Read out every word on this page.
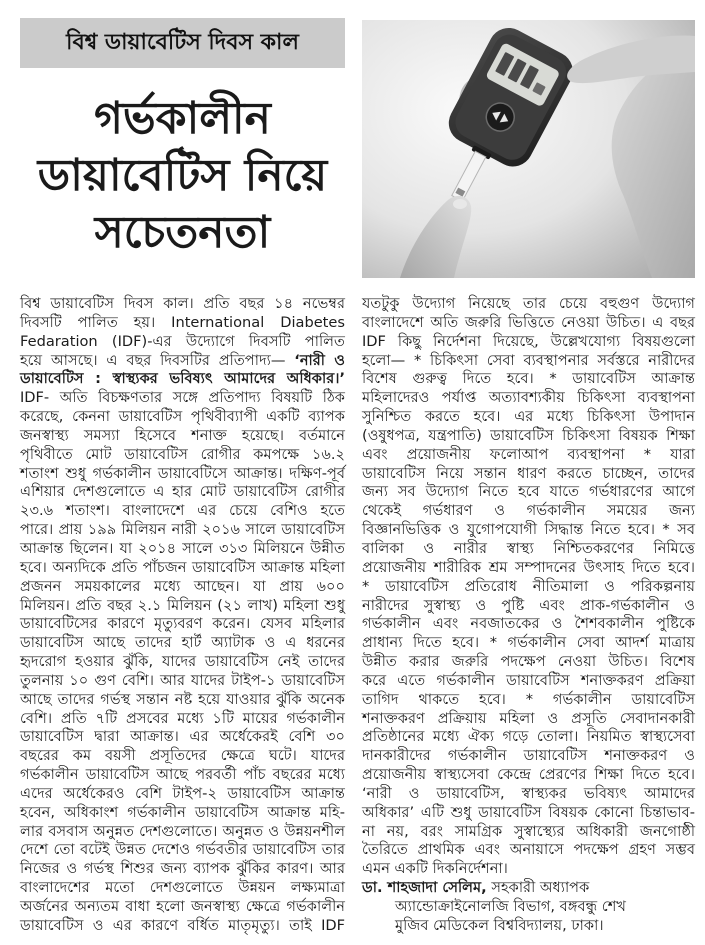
বিশ্ব ডায়াবেটিস দিবস কাল
গর্ভকালীন
ডায়াবেটিস নিয়ে
সচেতনতা
বিশ্ব ডায়াবেটিস দিবস কাল। প্রতি বছর ১৪ নভেম্বর
দিবসটি পালিত হয়। International Diabetes
Fedaration (IDF)-এর উদ্যোগে দিবসটি পালিত
হয়ে আসছে। এ বছর দিবসটির প্রতিপাদ্য— ‘নারী ও
ডায়াবেটিস : স্বাস্থ্যকর ভবিষ্যৎ আমাদের অধিকার।’
IDF- অতি বিচক্ষণতার সঙ্গে প্রতিপাদ্য বিষয়টি ঠিক
করেছে, কেননা ডায়াবেটিস পৃথিবীব্যাপী একটি ব্যাপক
জনস্বাস্থ্য সমস্যা হিসেবে শনাক্ত হয়েছে। বর্তমানে
পৃথিবীতে মোট ডায়াবেটিস রোগীর কমপক্ষে ১৬.২
শতাংশ শুধু গর্ভকালীন ডায়াবেটিসে আক্রান্ত। দক্ষিণ-পূর্ব
এশিয়ার দেশগুলোতে এ হার মোট ডায়াবেটিস রোগীর
২৩.৬ শতাংশ। বাংলাদেশে এর চেয়ে বেশিও হতে
পারে। প্রায় ১৯৯ মিলিয়ন নারী ২০১৬ সালে ডায়াবেটিস
আক্রান্ত ছিলেন। যা ২০১৪ সালে ৩১৩ মিলিয়নে উন্নীত
হবে। অন্যদিকে প্রতি পাঁচজন ডায়াবেটিস আক্রান্ত মহিলা
প্রজনন সময়কালের মধ্যে আছেন। যা প্রায় ৬০০
মিলিয়ন। প্রতি বছর ২.১ মিলিয়ন (২১ লাখ) মহিলা শুধু
ডায়াবেটিসের কারণে মৃত্যুবরণ করেন। যেসব মহিলার
ডায়াবেটিস আছে তাদের হার্ট অ্যাটাক ও এ ধরনের
হৃদরোগ হওয়ার ঝুঁকি, যাদের ডায়াবেটিস নেই তাদের
তুলনায় ১০ গুণ বেশি। আর যাদের টাইপ-১ ডায়াবেটিস
আছে তাদের গর্ভস্থ সন্তান নষ্ট হয়ে যাওয়ার ঝুঁকি অনেক
বেশি। প্রতি ৭টি প্রসবের মধ্যে ১টি মায়ের গর্ভকালীন
ডায়াবেটিস দ্বারা আক্রান্ত। এর অর্ধেকেরই বেশি ৩০
বছরের কম বয়সী প্রসূতিদের ক্ষেত্রে ঘটে। যাদের
গর্ভকালীন ডায়াবেটিস আছে পরবর্তী পাঁচ বছরের মধ্যে
এদের অর্ধেকেরও বেশি টাইপ-২ ডায়াবেটিস আক্রান্ত
হবেন, অধিকাংশ গর্ভকালীন ডায়াবেটিস আক্রান্ত মহি-
লার বসবাস অনুন্নত দেশগুলোতে। অনুন্নত ও উন্নয়নশীল
দেশে তো বটেই উন্নত দেশেও গর্ভবতীর ডায়াবেটিস তার
নিজের ও গর্ভস্থ শিশুর জন্য ব্যাপক ঝুঁকির কারণ। আর
বাংলাদেশের মতো দেশগুলোতে উন্নয়ন লক্ষ্যমাত্রা
অর্জনের অন্যতম বাধা হলো জনস্বাস্থ্য ক্ষেত্রে গর্ভকালীন
ডায়াবেটিস ও এর কারণে বর্ধিত মাতৃমৃত্যু। তাই IDF
যতটুকু উদ্যোগ নিয়েছে তার চেয়ে বহুগুণ উদ্যোগ
বাংলাদেশে অতি জরুরি ভিত্তিতে নেওয়া উচিত। এ বছর
IDF কিছু নির্দেশনা দিয়েছে, উল্লেখযোগ্য বিষয়গুলো
হলো— * চিকিৎসা সেবা ব্যবস্থাপনার সর্বস্তরে নারীদের
বিশেষ গুরুত্ব দিতে হবে। * ডায়াবেটিস আক্রান্ত
মহিলাদেরও পর্যাপ্ত অত্যাবশ্যকীয় চিকিৎসা ব্যবস্থাপনা
সুনিশ্চিত করতে হবে। এর মধ্যে চিকিৎসা উপাদান
(ওষুধপত্র, যন্ত্রপাতি) ডায়াবেটিস চিকিৎসা বিষয়ক শিক্ষা
এবং প্রয়োজনীয় ফলোআপ ব্যবস্থাপনা * যারা
ডায়াবেটিস নিয়ে সন্তান ধারণ করতে চাচ্ছেন, তাদের
জন্য সব উদ্যোগ নিতে হবে যাতে গর্ভধারণের আগে
থেকেই গর্ভধারণ ও গর্ভকালীন সময়ের জন্য
বিজ্ঞানভিত্তিক ও যুগোপযোগী সিদ্ধান্ত নিতে হবে। * সব
বালিকা ও নারীর স্বাস্থ্য নিশ্চিতকরণের নিমিত্তে
প্রয়োজনীয় শারীরিক শ্রম সম্পাদনের উৎসাহ দিতে হবে।
* ডায়াবেটিস প্রতিরোধ নীতিমালা ও পরিকল্পনায়
নারীদের সুস্বাস্থ্য ও পুষ্টি এবং প্রাক-গর্ভকালীন ও
গর্ভকালীন এবং নবজাতকের ও শৈশবকালীন পুষ্টিকে
প্রাধান্য দিতে হবে। * গর্ভকালীন সেবা আদর্শ মাত্রায়
উন্নীত করার জরুরি পদক্ষেপ নেওয়া উচিত। বিশেষ
করে এতে গর্ভকালীন ডায়াবেটিস শনাক্তকরণ প্রক্রিয়া
তাগিদ থাকতে হবে। * গর্ভকালীন ডায়াবেটিস
শনাক্তকরণ প্রক্রিয়ায় মহিলা ও প্রসূতি সেবাদানকারী
প্রতিষ্ঠানের মধ্যে ঐক্য গড়ে তোলা। নিয়মিত স্বাস্থ্যসেবা
দানকারীদের গর্ভকালীন ডায়াবেটিস শনাক্তকরণ ও
প্রয়োজনীয় স্বাস্থ্যসেবা কেন্দ্রে প্রেরণের শিক্ষা দিতে হবে।
‘নারী ও ডায়াবেটিস, স্বাস্থ্যকর ভবিষ্যৎ আমাদের
অধিকার’ এটি শুধু ডায়াবেটিস বিষয়ক কোনো চিন্তাভাব-
না নয়, বরং সামগ্রিক সুস্বাস্থ্যের অধিকারী জনগোষ্ঠী
তৈরিতে প্রাথমিক এবং অনায়াসে পদক্ষেপ গ্রহণ সম্ভব
এমন একটি দিকনির্দেশনা।
ডা. শাহজাদা সেলিম, সহকারী অধ্যাপক
অ্যান্ডোক্রাইনোলজি বিভাগ, বঙ্গবন্ধু শেখ
মুজিব মেডিকেল বিশ্ববিদ্যালয়, ঢাকা।
